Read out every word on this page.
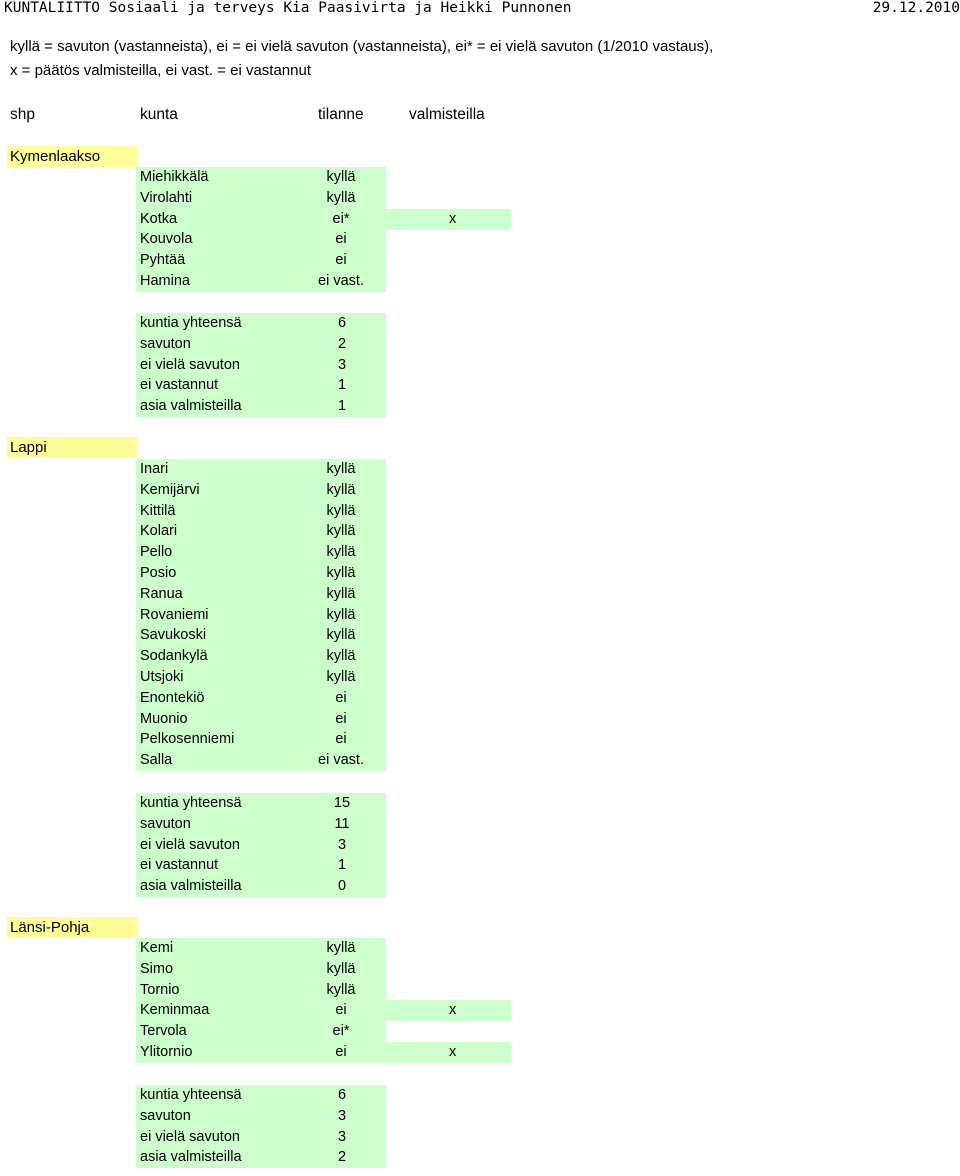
KUNTALIITTO Sosiaali ja terveys Kia Paasivirta ja Heikki Punnonen	29.12.2010
kyllä = savuton (vastanneista), ei = ei vielä savuton (vastanneista), ei* = ei vielä savuton (1/2010 vastaus),
x = päätös valmisteilla, ei vast. = ei vastannut
shp	kunta	tilanne	valmisteilla
Kymenlaakso
Miehikkälä	kyllä
Virolahti	kyllä
Kotka	ei*	x
Kouvola	ei
Pyhtää	ei
Hamina	ei vast.
kuntia yhteensä	6
savuton	2
ei vielä savuton	3
ei vastannut	1
asia valmisteilla	1
Lappi
Inari	kyllä
Kemijärvi	kyllä
Kittilä	kyllä
Kolari	kyllä
Pello	kyllä
Posio	kyllä
Ranua	kyllä
Rovaniemi	kyllä
Savukoski	kyllä
Sodankylä	kyllä
Utsjoki	kyllä
Enontekiö	ei
Muonio	ei
Pelkosenniemi	ei
Salla	ei vast.
kuntia yhteensä	15
savuton	11
ei vielä savuton	3
ei vastannut	1
asia valmisteilla	0
Länsi-Pohja
Kemi	kyllä
Simo	kyllä
Tornio	kyllä
Keminmaa	ei	x
Tervola	ei*
Ylitornio	ei	x
kuntia yhteensä	6
savuton	3
ei vielä savuton	3
asia valmisteilla	2
